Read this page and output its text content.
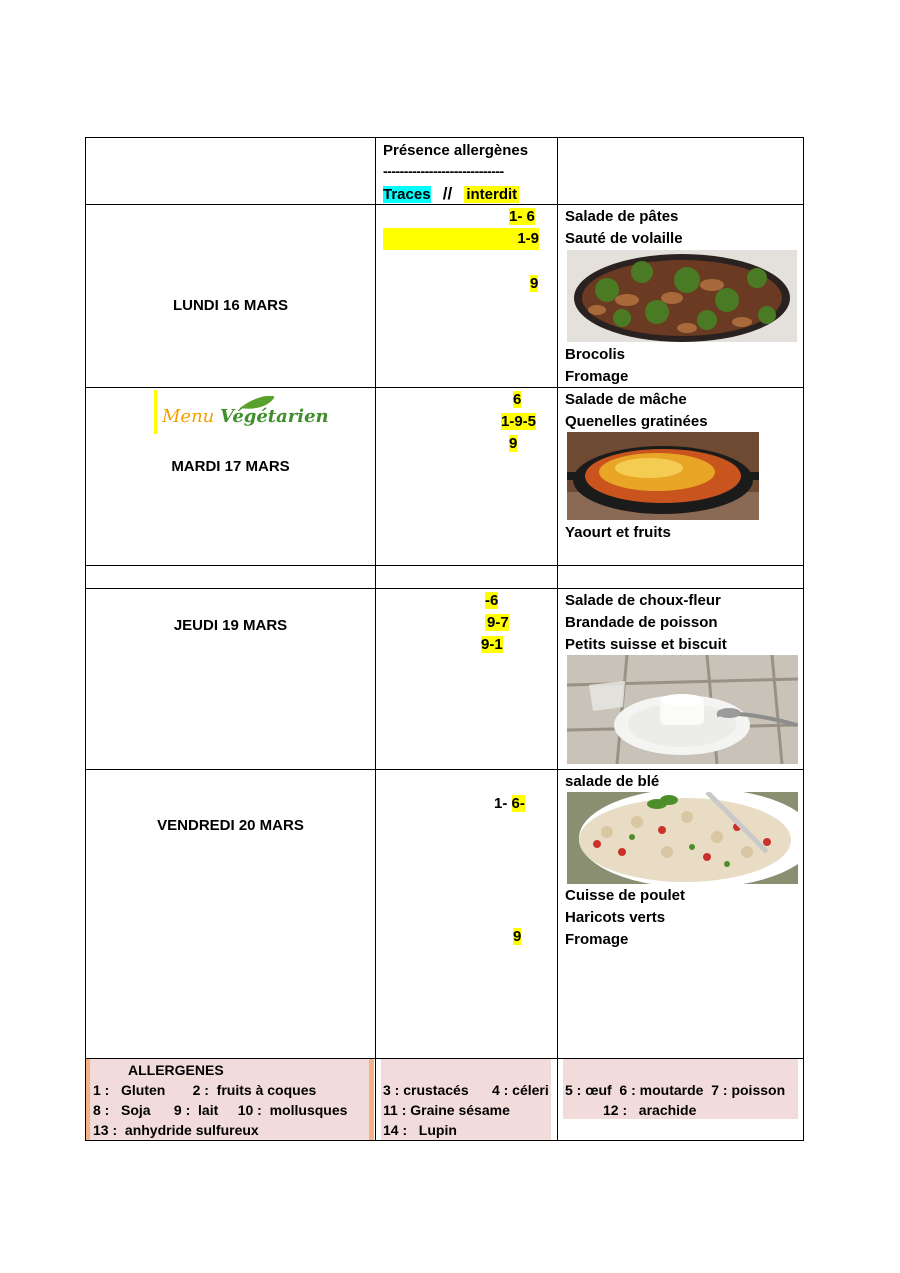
Présence allergènes
-----------------------------
Traces // interdit
LUNDI 16 MARS
1- 6
1-9
9
Salade de pâtes
Sauté de volaille
Brocolis
Fromage
Menu Végétarien
MARDI 17 MARS
6
1-9-5
9
Salade de mâche
Quenelles gratinées
Yaourt et fruits
JEUDI 19 MARS
-6
9-7
9-1
Salade de choux-fleur
Brandade de poisson
Petits suisse et biscuit
VENDREDI 20 MARS
1- 6-
9
salade de blé
Cuisse de poulet
Haricots verts
Fromage
ALLERGENES
1 :   Gluten       2 :  fruits à coques
8 :   Soja      9 :  lait     10 :  mollusques
13 :  anhydride sulfureux
3 : crustacés      4 : céleri
11 : Graine sésame
14 :   Lupin
5 : œuf  6 : moutarde  7 : poisson
12 :   arachide
